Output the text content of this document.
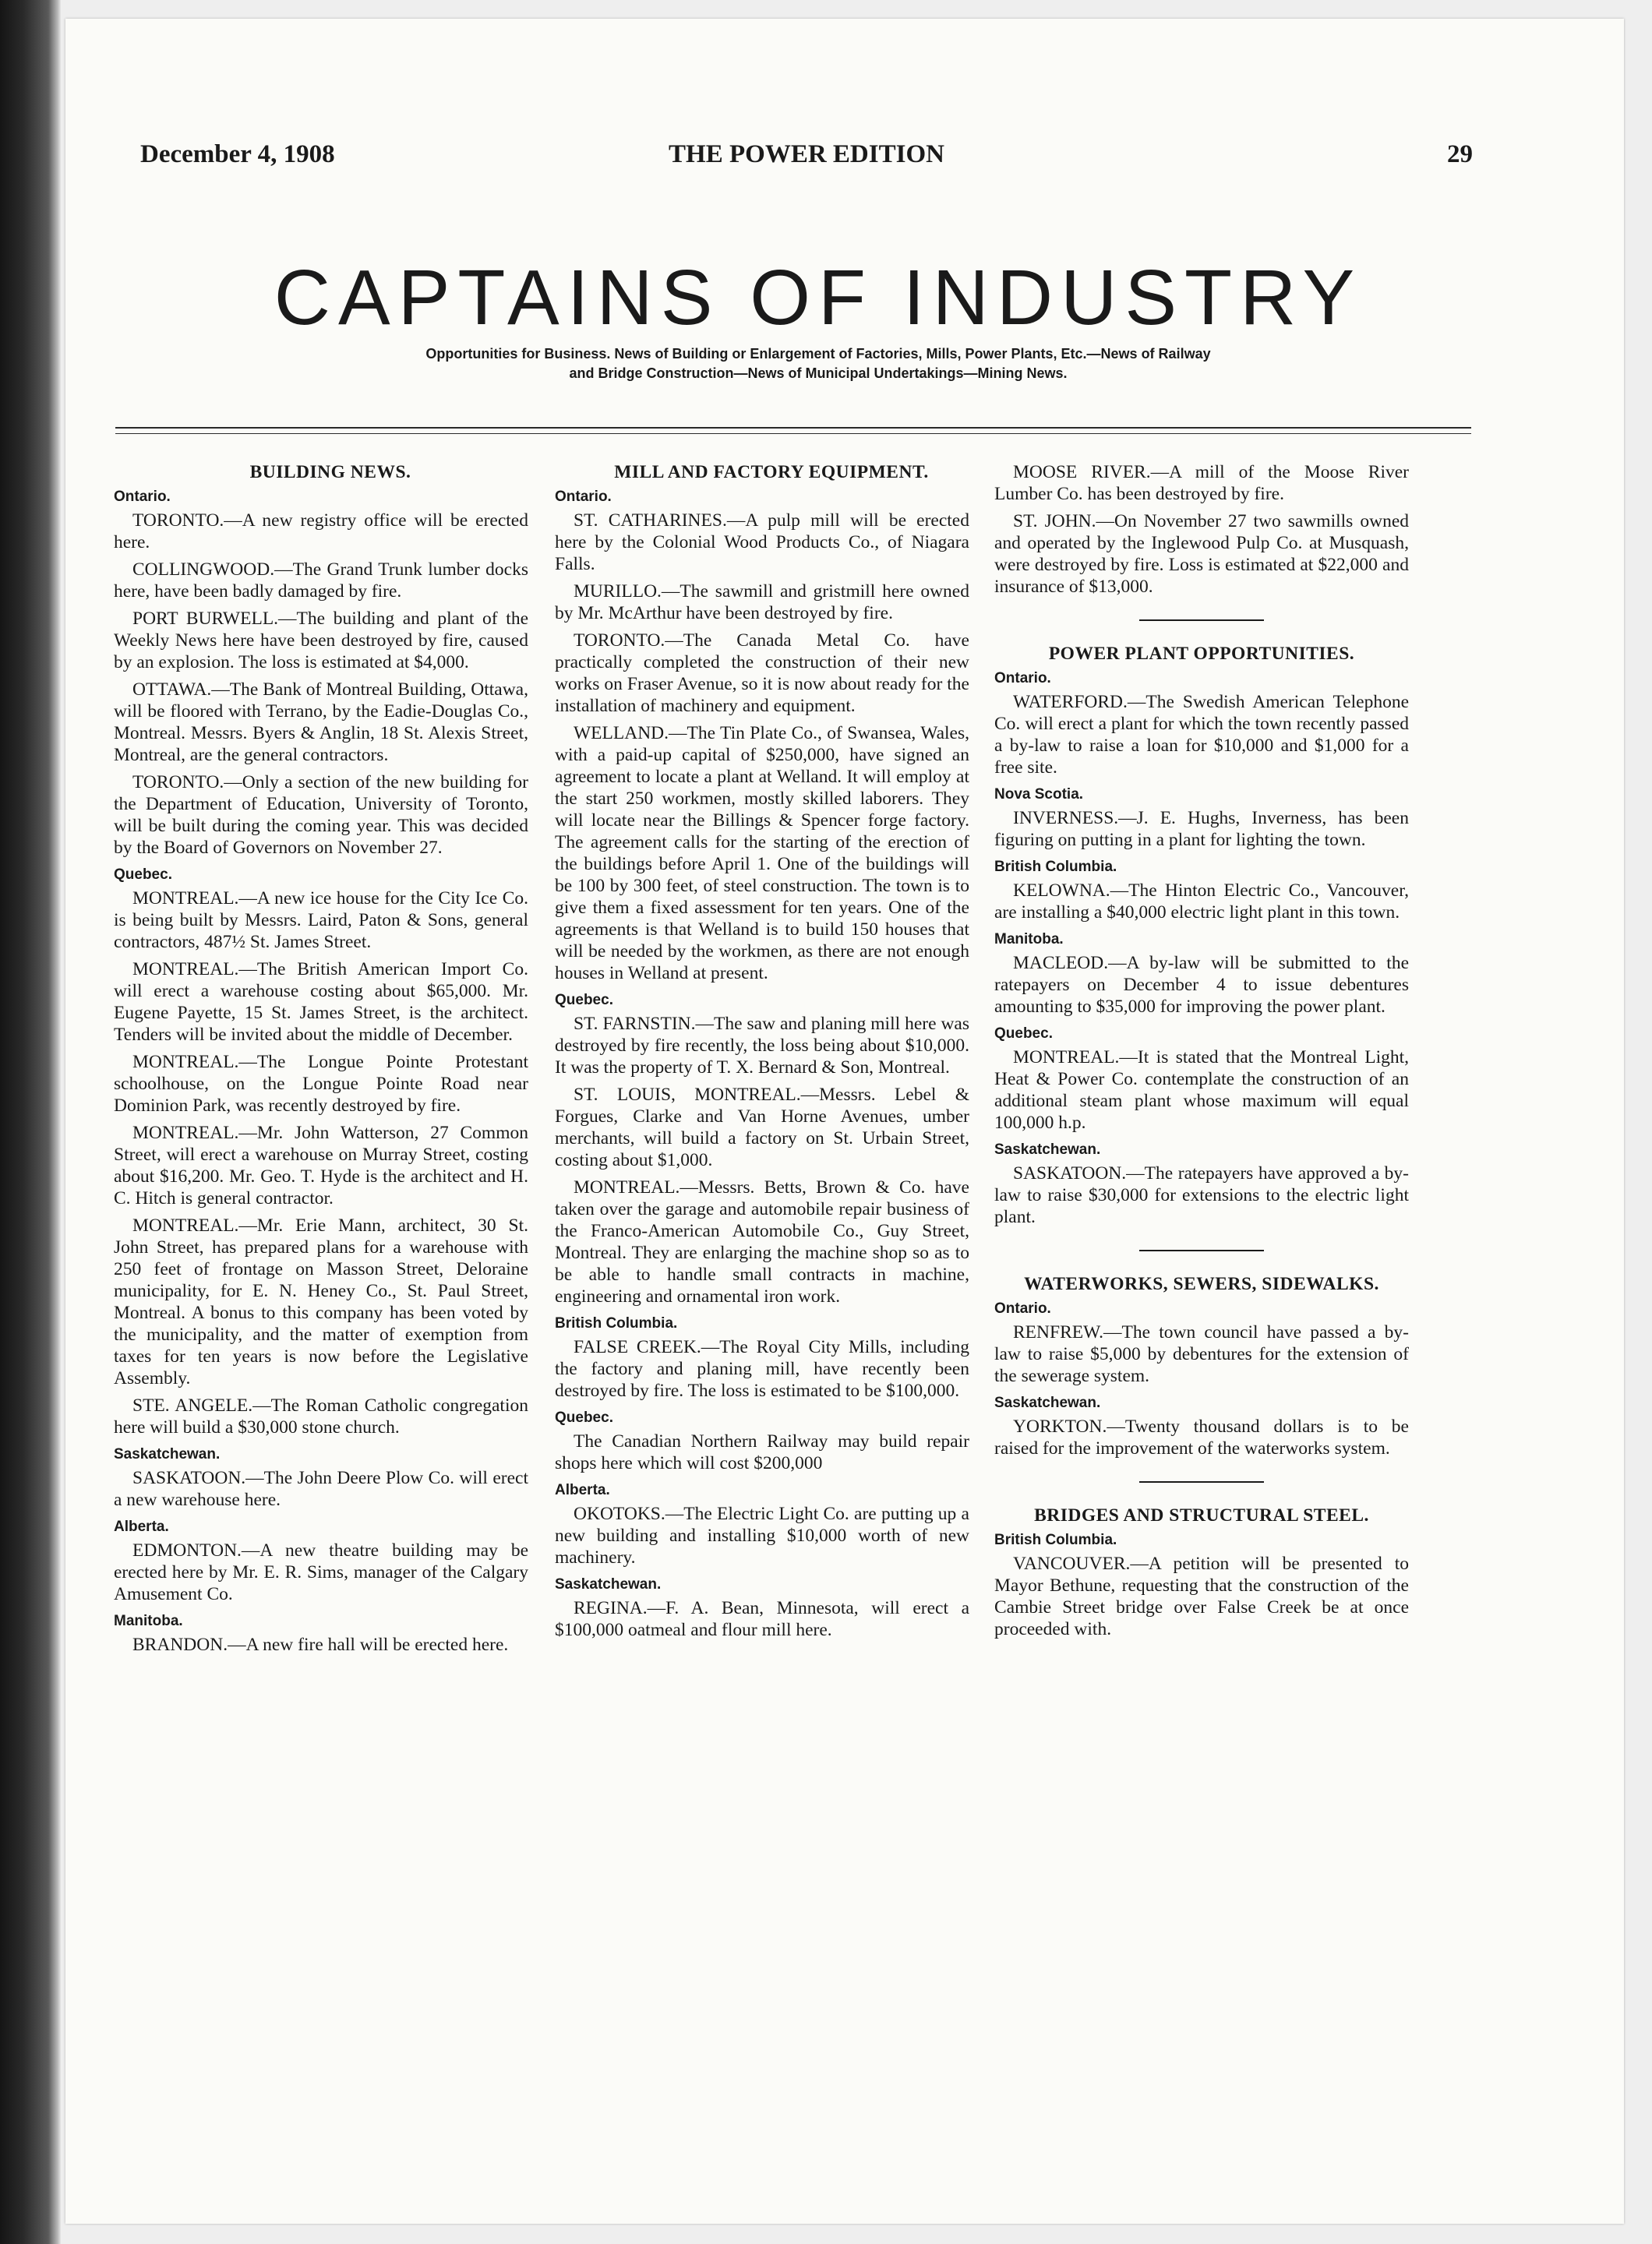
December 4, 1908	THE POWER EDITION	29
CAPTAINS OF INDUSTRY
Opportunities for Business. News of Building or Enlargement of Factories, Mills, Power Plants, Etc.—News of Railway and Bridge Construction—News of Municipal Undertakings—Mining News.
BUILDING NEWS.
Ontario.

TORONTO.—A new registry office will be erected here.

COLLINGWOOD.—The Grand Trunk lumber docks here, have been badly damaged by fire.

PORT BURWELL.—The building and plant of the Weekly News here have been destroyed by fire, caused by an explosion. The loss is estimated at $4,000.

OTTAWA.—The Bank of Montreal Building, Ottawa, will be floored with Terrano, by the Eadie-Douglas Co., Montreal. Messrs. Byers & Anglin, 18 St. Alexis Street, Montreal, are the general contractors.

TORONTO.—Only a section of the new building for the Department of Education, University of Toronto, will be built during the coming year. This was decided by the Board of Governors on November 27.

Quebec.

MONTREAL.—A new ice house for the City Ice Co. is being built by Messrs. Laird, Paton & Sons, general contractors, 487½ St. James Street.

MONTREAL.—The British American Import Co. will erect a warehouse costing about $65,000. Mr. Eugene Payette, 15 St. James Street, is the architect. Tenders will be invited about the middle of December.

MONTREAL.—The Longue Pointe Protestant schoolhouse, on the Longue Pointe Road near Dominion Park, was recently destroyed by fire.

MONTREAL.—Mr. John Watterson, 27 Common Street, will erect a warehouse on Murray Street, costing about $16,200. Mr. Geo. T. Hyde is the architect and H. C. Hitch is general contractor.

MONTREAL.—Mr. Erie Mann, architect, 30 St. John Street, has prepared plans for a warehouse with 250 feet of frontage on Masson Street, Deloraine municipality, for E. N. Heney Co., St. Paul Street, Montreal. A bonus to this company has been voted by the municipality, and the matter of exemption from taxes for ten years is now before the Legislative Assembly.

STE. ANGELE.—The Roman Catholic congregation here will build a $30,000 stone church.

Saskatchewan.

SASKATOON.—The John Deere Plow Co. will erect a new warehouse here.

Alberta.

EDMONTON.—A new theatre building may be erected here by Mr. E. R. Sims, manager of the Calgary Amusement Co.

Manitoba.

BRANDON.—A new fire hall will be erected here.

MILL AND FACTORY EQUIPMENT.
Ontario.

ST. CATHARINES.—A pulp mill will be erected here by the Colonial Wood Products Co., of Niagara Falls.

MURILLO.—The sawmill and gristmill here owned by Mr. McArthur have been destroyed by fire.

TORONTO.—The Canada Metal Co. have practically completed the construction of their new works on Fraser Avenue, so it is now about ready for the installation of machinery and equipment.

WELLAND.—The Tin Plate Co., of Swansea, Wales, with a paid-up capital of $250,000, have signed an agreement to locate a plant at Welland. It will employ at the start 250 workmen, mostly skilled laborers. They will locate near the Billings & Spencer forge factory. The agreement calls for the starting of the erection of the buildings before April 1. One of the buildings will be 100 by 300 feet, of steel construction. The town is to give them a fixed assessment for ten years. One of the agreements is that Welland is to build 150 houses that will be needed by the workmen, as there are not enough houses in Welland at present.

Quebec.

ST. FARNSTIN.—The saw and planing mill here was destroyed by fire recently, the loss being about $10,000. It was the property of T. X. Bernard & Son, Montreal.

ST. LOUIS, MONTREAL.—Messrs. Lebel & Forgues, Clarke and Van Horne Avenues, umber merchants, will build a factory on St. Urbain Street, costing about $1,000.

MONTREAL.—Messrs. Betts, Brown & Co. have taken over the garage and automobile repair business of the Franco-American Automobile Co., Guy Street, Montreal. They are enlarging the machine shop so as to be able to handle small contracts in machine, engineering and ornamental iron work.

British Columbia.

FALSE CREEK.—The Royal City Mills, including the factory and planing mill, have recently been destroyed by fire. The loss is estimated to be $100,000.

Quebec.

The Canadian Northern Railway may build repair shops here which will cost $200,000

Alberta.

OKOTOKS.—The Electric Light Co. are putting up a new building and installing $10,000 worth of new machinery.

Saskatchewan.

REGINA.—F. A. Bean, Minnesota, will erect a $100,000 oatmeal and flour mill here.

MOOSE RIVER.—A mill of the Moose River Lumber Co. has been destroyed by fire.

ST. JOHN.—On November 27 two sawmills owned and operated by the Inglewood Pulp Co. at Musquash, were destroyed by fire. Loss is estimated at $22,000 and insurance of $13,000.

POWER PLANT OPPORTUNITIES.
Ontario.

WATERFORD.—The Swedish American Telephone Co. will erect a plant for which the town recently passed a by-law to raise a loan for $10,000 and $1,000 for a free site.

Nova Scotia.

INVERNESS.—J. E. Hughs, Inverness, has been figuring on putting in a plant for lighting the town.

British Columbia.

KELOWNA.—The Hinton Electric Co., Vancouver, are installing a $40,000 electric light plant in this town.

Manitoba.

MACLEOD.—A by-law will be submitted to the ratepayers on December 4 to issue debentures amounting to $35,000 for improving the power plant.

Quebec.

MONTREAL.—It is stated that the Montreal Light, Heat & Power Co. contemplate the construction of an additional steam plant whose maximum will equal 100,000 h.p.

Saskatchewan.

SASKATOON.—The ratepayers have approved a by-law to raise $30,000 for extensions to the electric light plant.

WATERWORKS, SEWERS, SIDEWALKS.
Ontario.

RENFREW.—The town council have passed a by-law to raise $5,000 by debentures for the extension of the sewerage system.

Saskatchewan.

YORKTON.—Twenty thousand dollars is to be raised for the improvement of the waterworks system.

BRIDGES AND STRUCTURAL STEEL.
British Columbia.

VANCOUVER.—A petition will be presented to Mayor Bethune, requesting that the construction of the Cambie Street bridge over False Creek be at once proceeded with.
